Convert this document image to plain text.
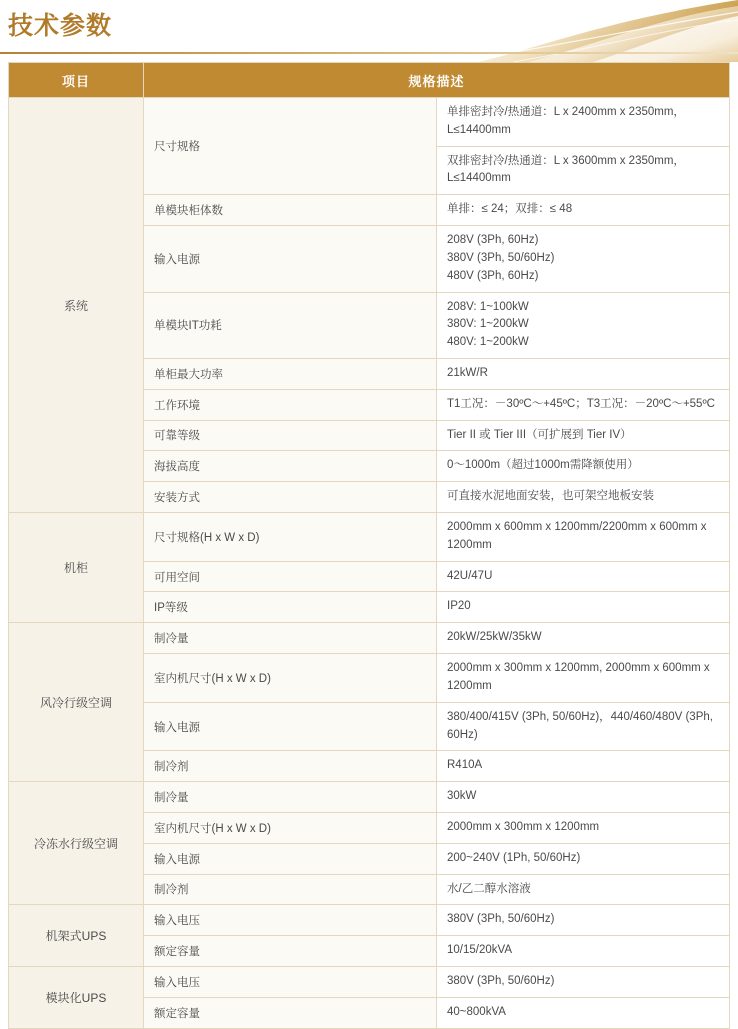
技术参数
项目	规格描述	
系统	尺寸规格	单排密封冷/热通道：L x 2400mm x 2350mm，L≤14400mm
		双排密封冷/热通道：L x 3600mm x 2350mm，L≤14400mm
	单模块柜体数	单排：≤ 24；双排：≤ 48

	输入电源	208V (3Ph, 60Hz)
380V (3Ph, 50/60Hz)
480V (3Ph, 60Hz)

	单模块IT功耗	208V: 1~100kW
380V: 1~200kW
480V: 1~200kW

	单柜最大功率	21kW/R

	工作环境	T1工况：－30ºC～+45ºC；T3工况：－20ºC～+55ºC

	可靠等级	Tier II 或 Tier III（可扩展到 Tier IV）

	海拔高度	0～1000m（超过1000m需降额使用）

	安装方式	可直接水泥地面安装，也可架空地板安装

机柜	尺寸规格(H x W x D)	2000mm x 600mm x 1200mm/2200mm x 600mm x 1200mm

	可用空间	42U/47U

	IP等级	IP20

风冷行级空调	制冷量	20kW/25kW/35kW

	室内机尺寸(H x W x D)	2000mm x 300mm x 1200mm, 2000mm x 600mm x 1200mm

	输入电源	380/400/415V (3Ph, 50/60Hz)，440/460/480V (3Ph, 60Hz)

	制冷剂	R410A

冷冻水行级空调	制冷量	30kW

	室内机尺寸(H x W x D)	2000mm x 300mm x 1200mm

	输入电源	200~240V (1Ph, 50/60Hz)

	制冷剂	水/乙二醇水溶液

机架式UPS	输入电压	380V (3Ph, 50/60Hz)

	额定容量	10/15/20kVA

模块化UPS	输入电压	380V (3Ph, 50/60Hz)

	额定容量	40~800kVA
